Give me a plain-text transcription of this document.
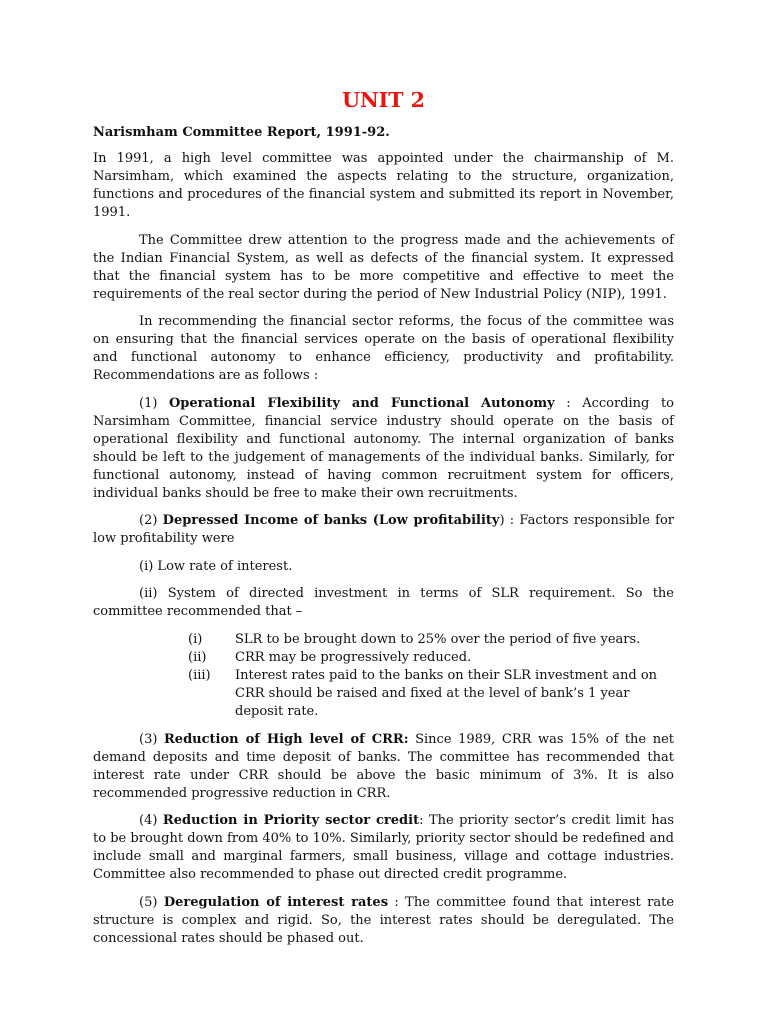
UNIT 2
Narismham Committee Report, 1991-92.

In 1991, a high level committee was appointed under the chairmanship of M. Narsimham, which examined the aspects relating to the structure, organization, functions and procedures of the financial system and submitted its report in November, 1991.

The Committee drew attention to the progress made and the achievements of the Indian Financial System, as well as defects of the financial system. It expressed that the financial system has to be more competitive and effective to meet the requirements of the real sector during the period of New Industrial Policy (NIP), 1991.

In recommending the financial sector reforms, the focus of the committee was on ensuring that the financial services operate on the basis of operational flexibility and functional autonomy to enhance efficiency, productivity and profitability. Recommendations are as follows :

(1) Operational Flexibility and Functional Autonomy : According to Narsimham Committee, financial service industry should operate on the basis of operational flexibility and functional autonomy. The internal organization of banks should be left to the judgement of managements of the individual banks. Similarly, for functional autonomy, instead of having common recruitment system for officers, individual banks should be free to make their own recruitments.

(2) Depressed Income of banks (Low profitability) : Factors responsible for low profitability were

(i) Low rate of interest.

(ii) System of directed investment in terms of SLR requirement. So the committee recommended that –

(i)	SLR to be brought down to 25% over the period of five years.
(ii)	CRR may be progressively reduced.
(iii)	Interest rates paid to the banks on their SLR investment and on CRR should be raised and fixed at the level of bank’s 1 year deposit rate.

(3) Reduction of High level of CRR: Since 1989, CRR was 15% of the net demand deposits and time deposit of banks. The committee has recommended that interest rate under CRR should be above the basic minimum of 3%. It is also recommended progressive reduction in CRR.

(4) Reduction in Priority sector credit: The priority sector’s credit limit has to be brought down from 40% to 10%. Similarly, priority sector should be redefined and include small and marginal farmers, small business, village and cottage industries. Committee also recommended to phase out directed credit programme.

(5) Deregulation of interest rates : The committee found that interest rate structure is complex and rigid. So, the interest rates should be deregulated. The concessional rates should be phased out.
